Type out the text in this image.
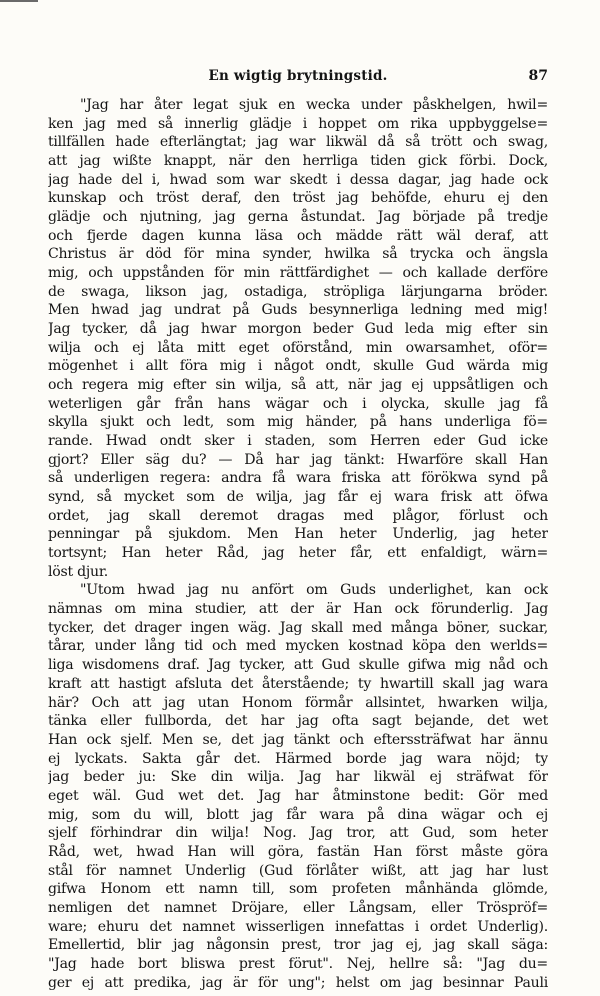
En wigtig brytningstid.	87
"Jag har åter legat sjuk en wecka under påskhelgen, hwil=
ken jag med så innerlig glädje i hoppet om rika uppbyggelse=
tillfällen hade efterlängtat; jag war likwäl då så trött och swag,
att jag wißte knappt, när den herrliga tiden gick förbi. Dock,
jag hade del i, hwad som war skedt i dessa dagar, jag hade ock
kunskap och tröst deraf, den tröst jag behöfde, ehuru ej den
glädje och njutning, jag gerna åstundat. Jag började på tredje
och fjerde dagen kunna läsa och mädde rätt wäl deraf, att
Christus är död för mina synder, hwilka så trycka och ängsla
mig, och uppstånden för min rättfärdighet — och kallade derföre
de swaga, likson jag, ostadiga, ströpliga lärjungarna bröder.
Men hwad jag undrat på Guds besynnerliga ledning med mig!
Jag tycker, då jag hwar morgon beder Gud leda mig efter sin
wilja och ej låta mitt eget oförstånd, min owarsamhet, oför=
mögenhet i allt föra mig i något ondt, skulle Gud wärda mig
och regera mig efter sin wilja, så att, när jag ej uppsåtligen och
weterligen går från hans wägar och i olycka, skulle jag få
skylla sjukt och ledt, som mig händer, på hans underliga fö=
rande. Hwad ondt sker i staden, som Herren eder Gud icke
gjort? Eller säg du? — Då har jag tänkt: Hwarföre skall Han
så underligen regera: andra få wara friska att förökwa synd på
synd, så mycket som de wilja, jag får ej wara frisk att öfwa
ordet, jag skall deremot dragas med plågor, förlust och
penningar på sjukdom. Men Han heter Underlig, jag heter
tortsynt; Han heter Råd, jag heter får, ett enfaldigt, wärn=
löst djur.
"Utom hwad jag nu anfört om Guds underlighet, kan ock
nämnas om mina studier, att der är Han ock förunderlig. Jag
tycker, det drager ingen wäg. Jag skall med många böner, suckar,
tårar, under lång tid och med mycken kostnad köpa den werlds=
liga wisdomens draf. Jag tycker, att Gud skulle gifwa mig nåd och
kraft att hastigt afsluta det återstående; ty hwartill skall jag wara
här? Och att jag utan Honom förmår allsintet, hwarken wilja,
tänka eller fullborda, det har jag ofta sagt bejande, det wet
Han ock sjelf. Men se, det jag tänkt och efterssträfwat har ännu
ej lyckats. Sakta går det. Härmed borde jag wara nöjd; ty
jag beder ju: Ske din wilja. Jag har likwäl ej sträfwat för
eget wäl. Gud wet det. Jag har åtminstone bedit: Gör med
mig, som du will, blott jag får wara på dina wägar och ej
sjelf förhindrar din wilja! Nog. Jag tror, att Gud, som heter
Råd, wet, hwad Han will göra, fastän Han först måste göra
stål för namnet Underlig (Gud förlåter wißt, att jag har lust
gifwa Honom ett namn till, som profeten månhända glömde,
nemligen det namnet Dröjare, eller Långsam, eller Tröspröf=
ware; ehuru det namnet wisserligen innefattas i ordet Underlig).
Emellertid, blir jag någonsin prest, tror jag ej, jag skall säga:
"Jag hade bort bliswa prest förut". Nej, hellre så: "Jag du=
ger ej att predika, jag är för ung"; helst om jag besinnar Pauli
